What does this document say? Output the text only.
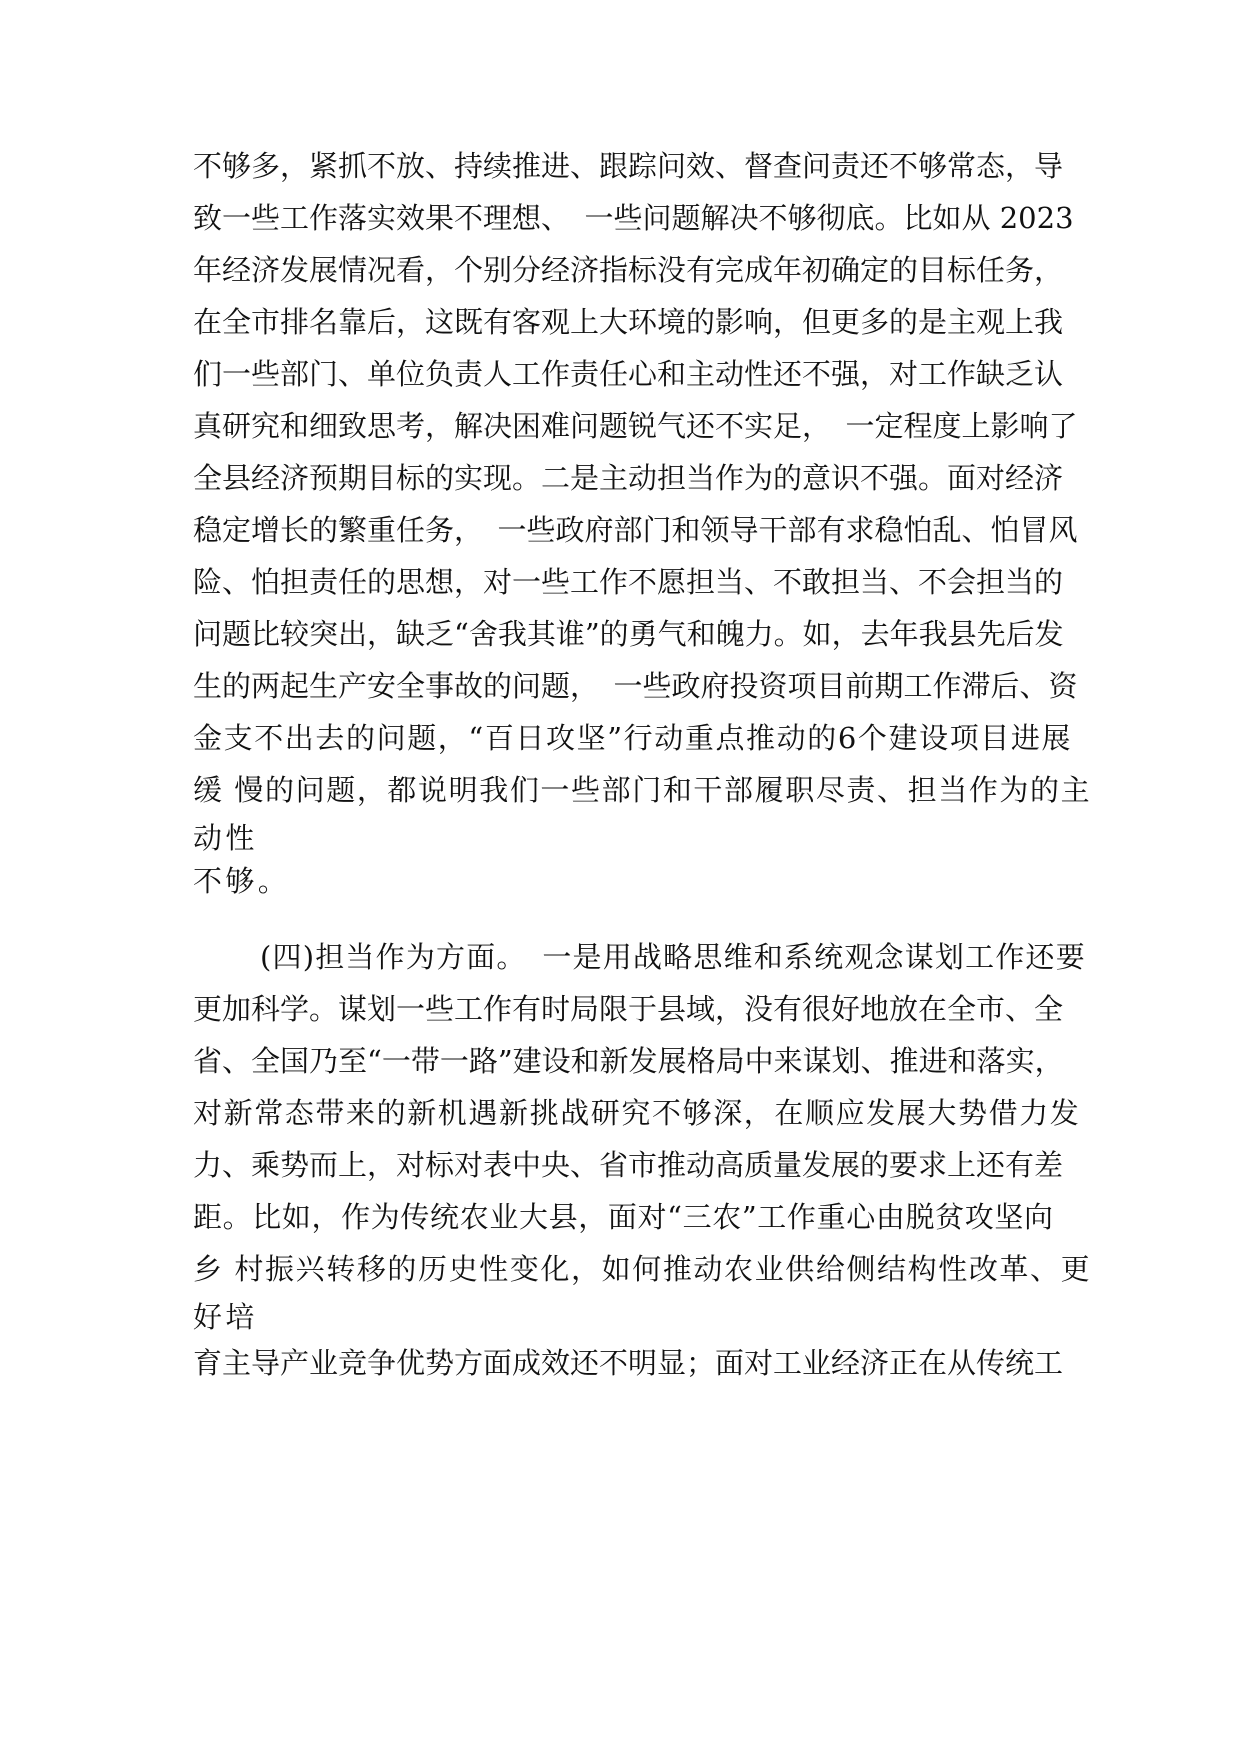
不够多，紧抓不放、持续推进、跟踪问效、督查问责还不够常态，导
致一些工作落实效果不理想、　一些问题解决不够彻底。比如从 2023
年经济发展情况看，个别分经济指标没有完成年初确定的目标任务，
在全市排名靠后，这既有客观上大环境的影响，但更多的是主观上我
们一些部门、单位负责人工作责任心和主动性还不强，对工作缺乏认
真研究和细致思考，解决困难问题锐气还不实足，　一定程度上影响了
全县经济预期目标的实现。二是主动担当作为的意识不强。面对经济
稳定增长的繁重任务，　一些政府部门和领导干部有求稳怕乱、怕冒风
险、怕担责任的思想，对一些工作不愿担当、不敢担当、不会担当的
问题比较突出，缺乏“舍我其谁”的勇气和魄力。如，去年我县先后发
生的两起生产安全事故的问题，　一些政府投资项目前期工作滞后、资
金支不出去的问题，“百日攻坚”行动重点推动的6个建设项目进展
缓 慢的问题，都说明我们一些部门和干部履职尽责、担当作为的主
动性
不够。
(四)担当作为方面。　一是用战略思维和系统观念谋划工作还要
更加科学。谋划一些工作有时局限于县域，没有很好地放在全市、全
省、全国乃至“一带一路”建设和新发展格局中来谋划、推进和落实，
对新常态带来的新机遇新挑战研究不够深，在顺应发展大势借力发
力、乘势而上，对标对表中央、省市推动高质量发展的要求上还有差
距。比如，作为传统农业大县，面对“三农”工作重心由脱贫攻坚向
乡 村振兴转移的历史性变化，如何推动农业供给侧结构性改革、更
好培
育主导产业竞争优势方面成效还不明显；面对工业经济正在从传统工
